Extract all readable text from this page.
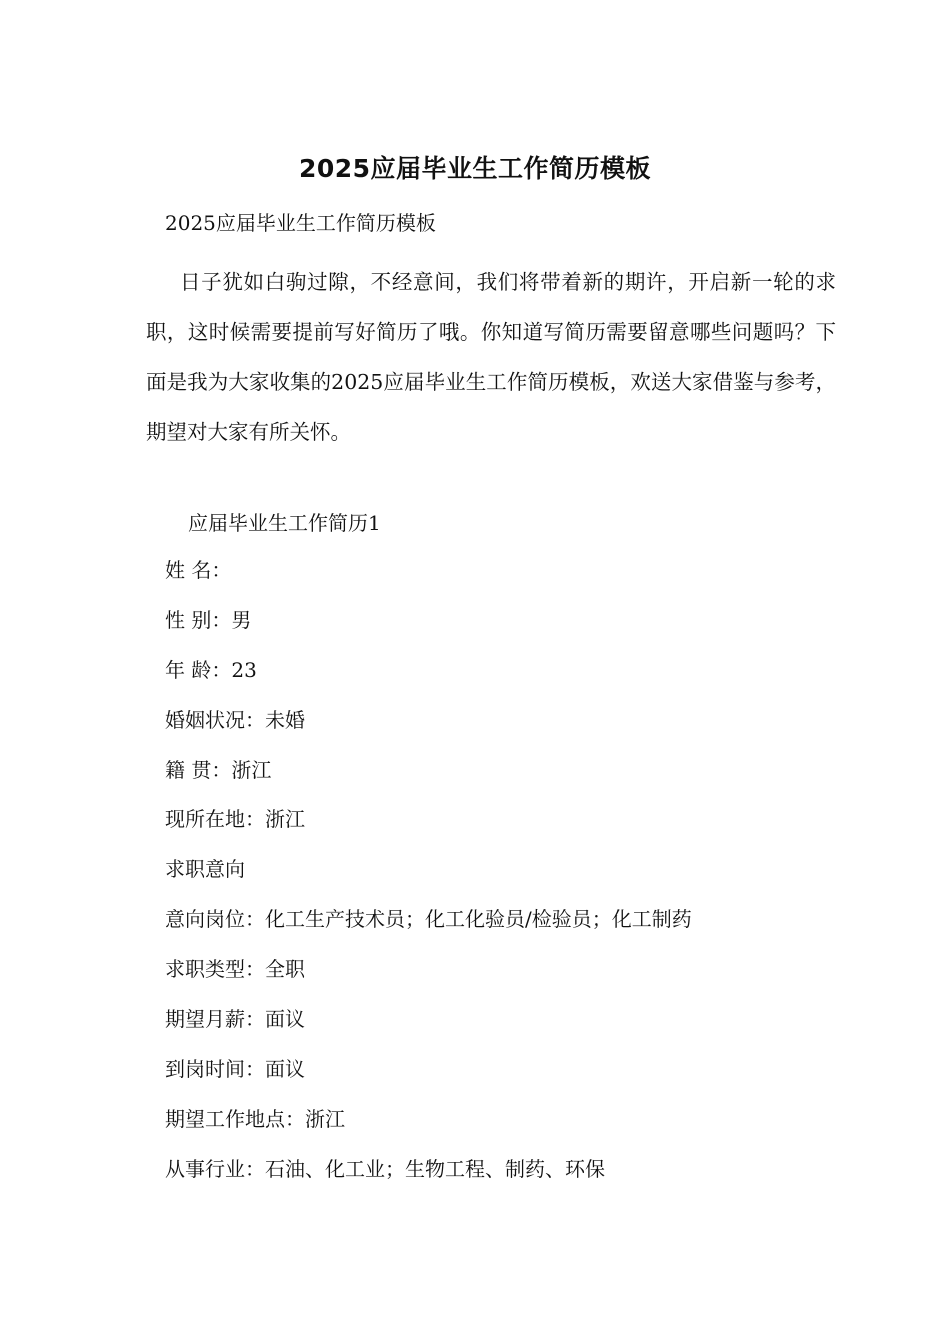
2025应届毕业生工作简历模板
2025应届毕业生工作简历模板

日子犹如白驹过隙，不经意间，我们将带着新的期许，开启新一轮的求职，这时候需要提前写好简历了哦。你知道写简历需要留意哪些问题吗？下面是我为大家收集的2025应届毕业生工作简历模板，欢送大家借鉴与参考，期望对大家有所关怀。

应届毕业生工作简历1
姓 名：
性 别：男
年 龄：23
婚姻状况：未婚
籍 贯：浙江
现所在地：浙江
求职意向
意向岗位：化工生产技术员；化工化验员/检验员；化工制药
求职类型：全职
期望月薪：面议
到岗时间：面议
期望工作地点：浙江
从事行业：石油、化工业；生物工程、制药、环保
